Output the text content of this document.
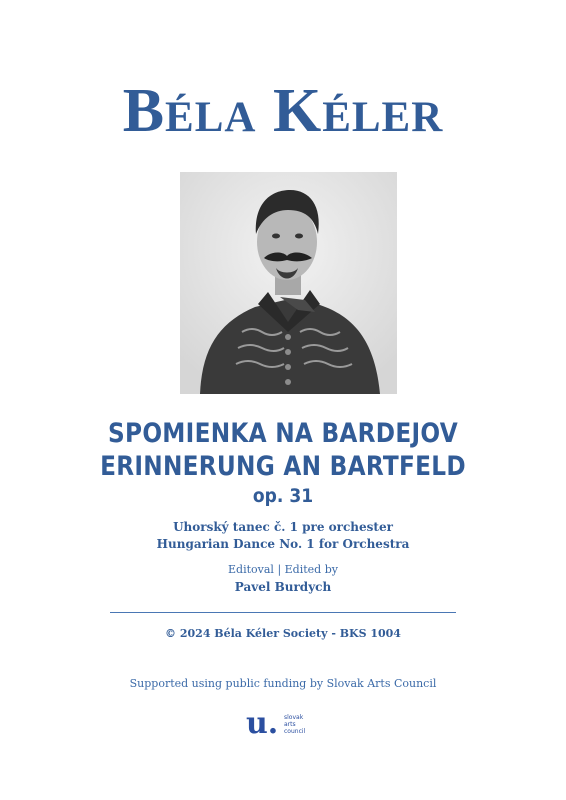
Béla Kéler
SPOMIENKA NA BARDEJOV
ERINNERUNG AN BARTFELD
op. 31
Uhorský tanec č. 1 pre orchester
Hungarian Dance No. 1 for Orchestra
Editoval | Edited by
Pavel Burdych
© 2024 Béla Kéler Society - BKS 1004
Supported using public funding by Slovak Arts Council
u. slovak
arts
council
